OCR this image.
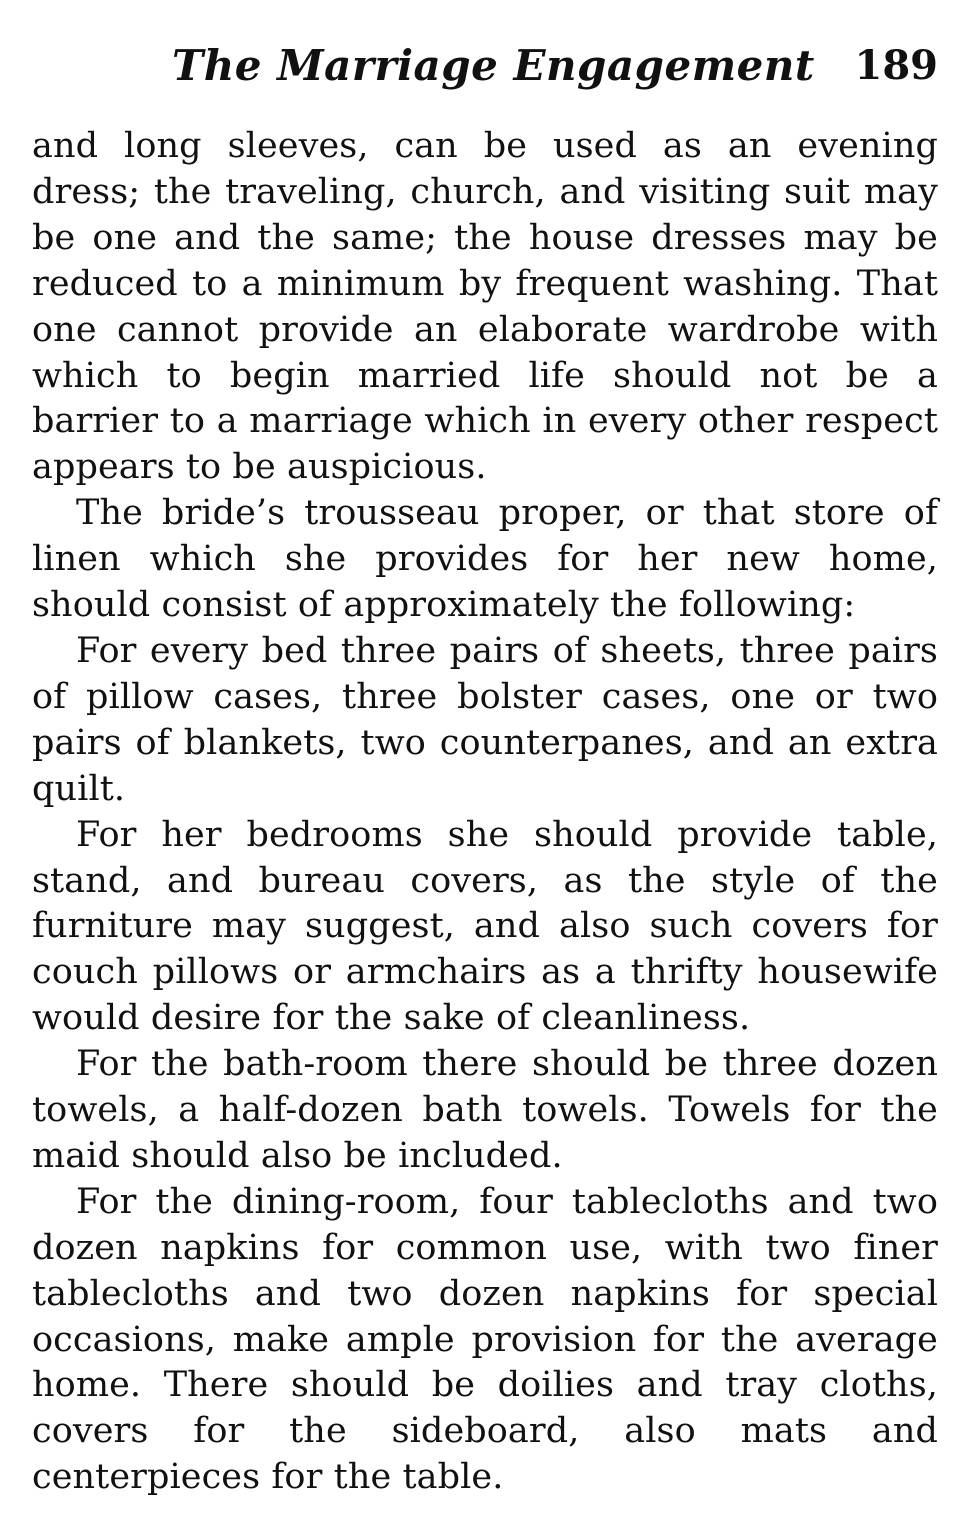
The Marriage Engagement 189

and long sleeves, can be used as an evening dress; the traveling, church, and visiting suit may be one and the same; the house dresses may be reduced to a minimum by frequent washing. That one cannot provide an elaborate wardrobe with which to begin married life should not be a barrier to a marriage which in every other respect appears to be auspicious.

The bride’s trousseau proper, or that store of linen which she provides for her new home, should consist of approximately the following:

For every bed three pairs of sheets, three pairs of pillow cases, three bolster cases, one or two pairs of blankets, two counterpanes, and an extra quilt.

For her bedrooms she should provide table, stand, and bureau covers, as the style of the furniture may suggest, and also such covers for couch pillows or armchairs as a thrifty housewife would desire for the sake of cleanliness.

For the bath-room there should be three dozen towels, a half-dozen bath towels. Towels for the maid should also be included.

For the dining-room, four tablecloths and two dozen napkins for common use, with two finer tablecloths and two dozen napkins for special occasions, make ample provision for the average home. There should be doilies and tray cloths, covers for the sideboard, also mats and centerpieces for the table.
